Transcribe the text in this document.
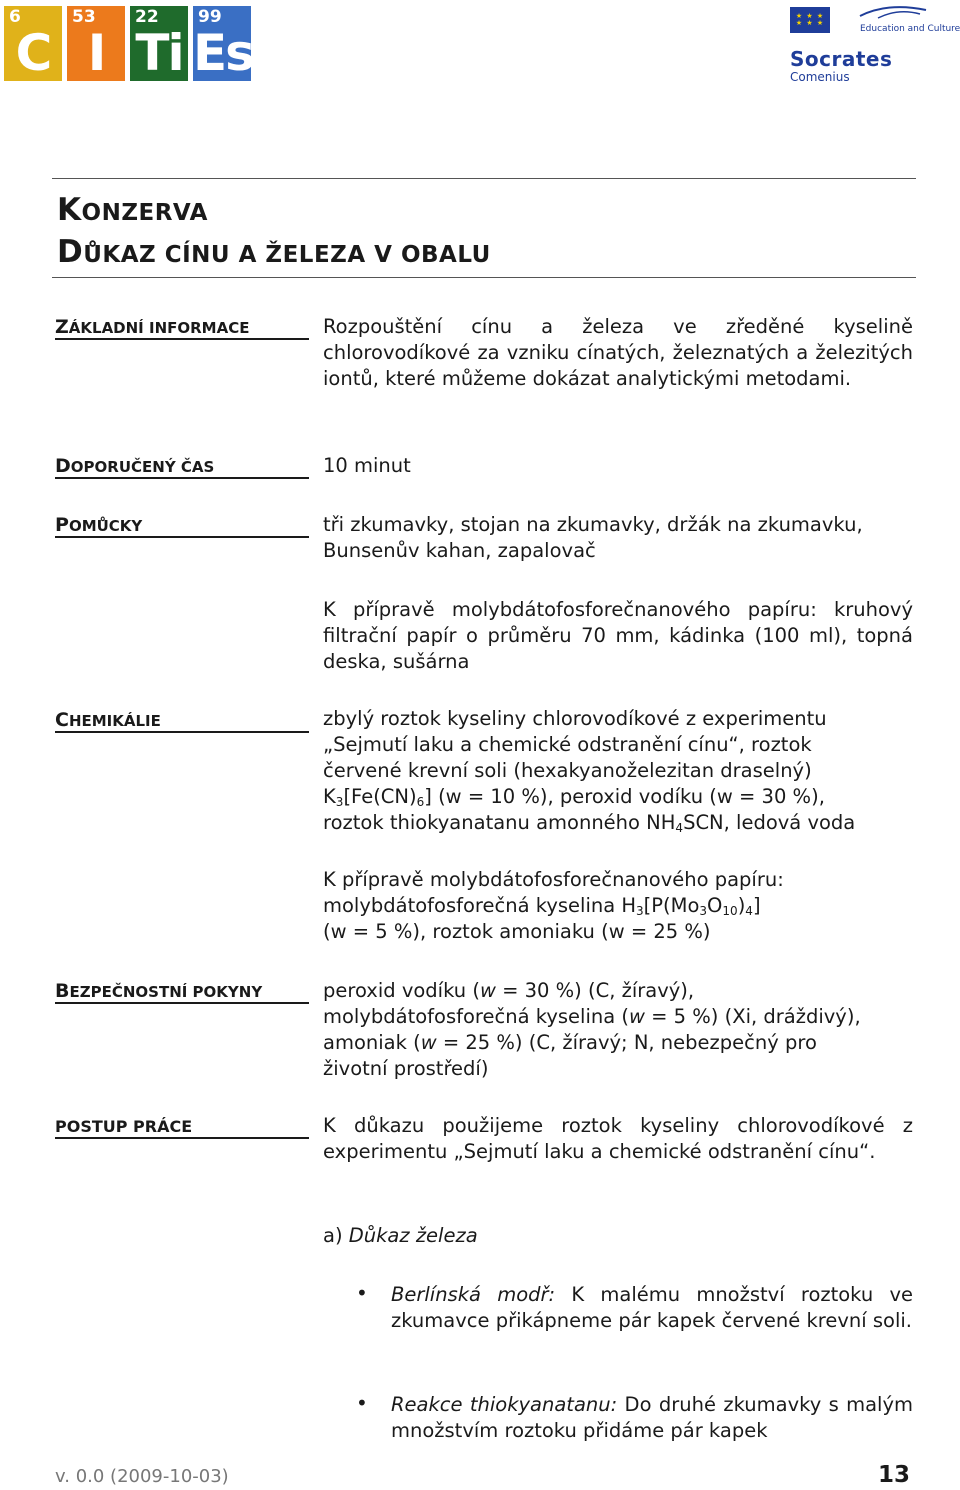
6
C
53
I
22
Ti
99
Es
★ ★ ★
★ ★ ★
Education and Culture
Socrates
Comenius
KONZERVA
DŮKAZ CÍNU A ŽELEZA V OBALU
ZÁKLADNÍ INFORMACE	Rozpouštění cínu a železa ve zředěné kyselině chlorovodíkové za vzniku cínatých, železnatých a železitých iontů, které můžeme dokázat analytickými metodami.
DOPORUČENÝ ČAS	10 minut
POMŮCKY	tři zkumavky, stojan na zkumavky, držák na zkumavku, Bunsenův kahan, zapalovač
K přípravě molybdátofosforečnanového papíru: kruhový filtrační papír o průměru 70 mm, kádinka (100 ml), topná deska, sušárna
CHEMIKÁLIE	zbylý roztok kyseliny chlorovodíkové z experimentu
„Sejmutí laku a chemické odstranění cínu“, roztok
červené krevní soli (hexakyanoželezitan draselný)
$K_3[Fe(CN)_6] (w = 10$ %), peroxid vodíku (w = 30 %),
roztok thiokyanatanu amonného $NH_4SCN$, ledová voda
K přípravě molybdátofosforečnanového papíru:
molybdátofosforečná kyselina $H_3[P(Mo_3O_{10})_4]$
(w = 5 %), roztok amoniaku (w = 25 %)
BEZPEČNOSTNÍ POKYNY	peroxid vodíku (w = 30 %) (C, žíravý),
molybdátofosforečná kyselina (w = 5 %) (Xi, dráždivý),
amoniak (w = 25 %) (C, žíravý; N, nebezpečný pro
životní prostředí)
POSTUP PRÁCE	K důkazu použijeme roztok kyseliny chlorovodíkové z experimentu „Sejmutí laku a chemické odstranění cínu“.
a) Důkaz železa
• Berlínská modř: K malému množství roztoku ve zkumavce přikápneme pár kapek červené krevní soli.
• Reakce thiokyanatanu: Do druhé zkumavky s malým množstvím roztoku přidáme pár kapek
v. 0.0 (2009-10-03)	13
